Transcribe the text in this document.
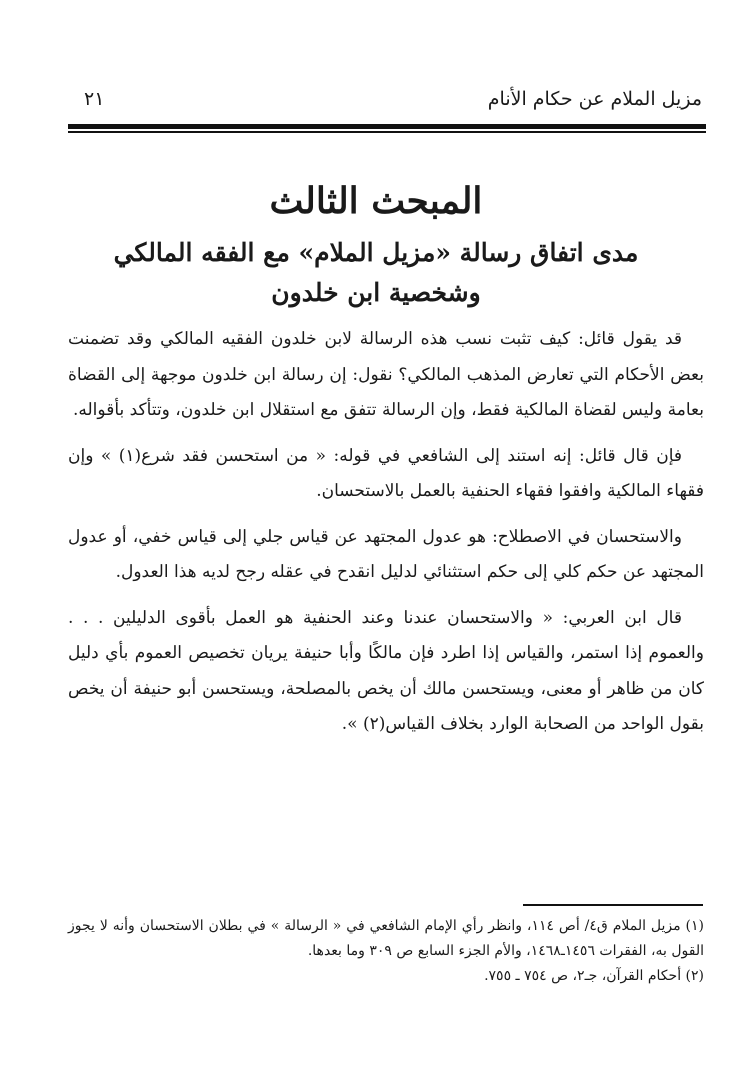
مزيل الملام عن حكام الأنام
٢١
المبحث الثالث
مدى اتفاق رسالة «مزيل الملام» مع الفقه المالكي
وشخصية ابن خلدون

قد يقول قائل: كيف تثبت نسب هذه الرسالة لابن خلدون الفقيه المالكي وقد تضمنت بعض الأحكام التي تعارض المذهب المالكي؟ نقول: إن رسالة ابن خلدون موجهة إلى القضاة بعامة وليس لقضاة المالكية فقط، وإن الرسالة تتفق مع استقلال ابن خلدون، وتتأكد بأقواله.

فإن قال قائل: إنه استند إلى الشافعي في قوله: « من استحسن فقد شرع(١) » وإن فقهاء المالكية وافقوا فقهاء الحنفية بالعمل بالاستحسان.

والاستحسان في الاصطلاح: هو عدول المجتهد عن قياس جلي إلى قياس خفي، أو عدول المجتهد عن حكم كلي إلى حكم استثنائي لدليل انقدح في عقله رجح لديه هذا العدول.

قال ابن العربي: « والاستحسان عندنا وعند الحنفية هو العمل بأقوى الدليلين . . . والعموم إذا استمر، والقياس إذا اطرد فإن مالكًا وأبا حنيفة يريان تخصيص العموم بأي دليل كان من ظاهر أو معنى، ويستحسن مالك أن يخص بالمصلحة، ويستحسن أبو حنيفة أن يخص بقول الواحد من الصحابة الوارد بخلاف القياس(٢) ».

(١) مزيل الملام ق٤/ أص ١١٤، وانظر رأي الإمام الشافعي في « الرسالة » في بطلان الاستحسان وأنه لا يجوز القول به، الفقرات ١٤٥٦ـ١٤٦٨، والأم الجزء السابع ص ٣٠٩ وما بعدها.

(٢) أحكام القرآن، جـ٢، ص ٧٥٤ ـ ٧٥٥.
